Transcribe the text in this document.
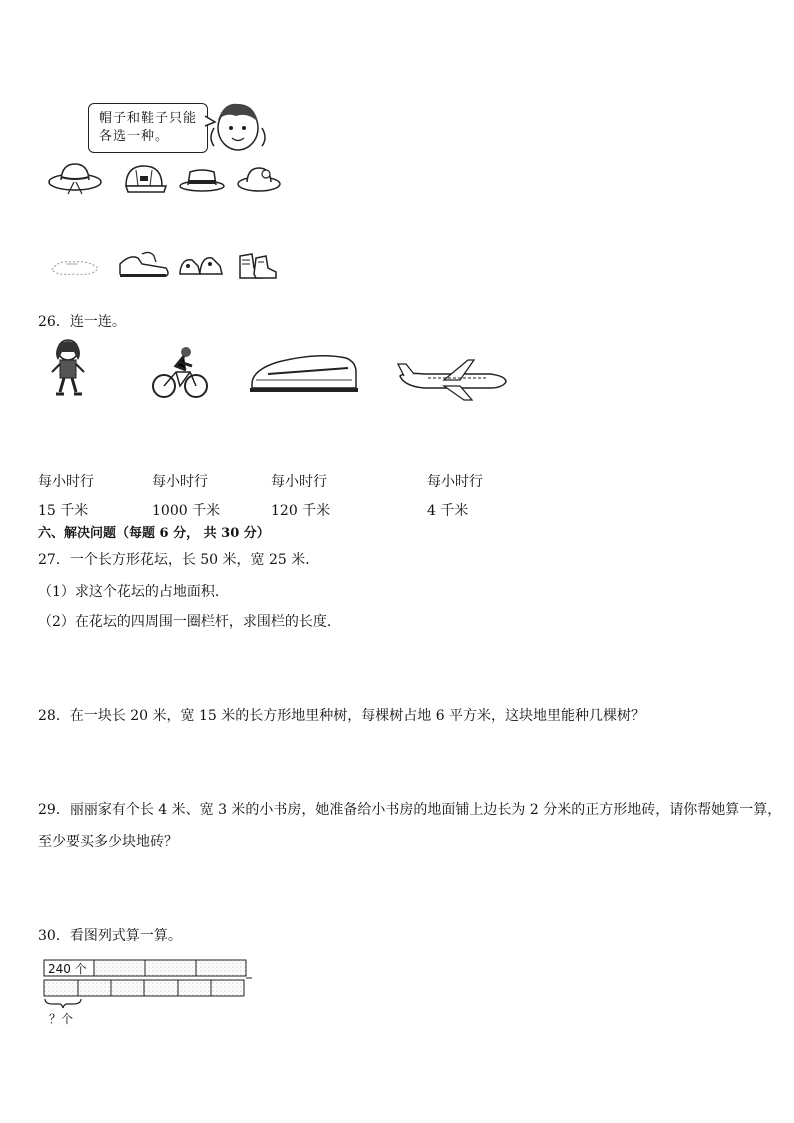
帽子和鞋子只能各选一种。
26．连一连。
每小时行	每小时行	每小时行	每小时行
15 千米	1000 千米	120 千米	4 千米
六、解决问题（每题 6 分， 共 30 分）
27．一个长方形花坛，长 50 米，宽 25 米．
（1）求这个花坛的占地面积．
（2）在花坛的四周围一圈栏杆，求围栏的长度．
28．在一块长 20 米，宽 15 米的长方形地里种树，每棵树占地 6 平方米，这块地里能种几棵树？
29．丽丽家有个长 4 米、宽 3 米的小书房，她准备给小书房的地面铺上边长为 2 分米的正方形地砖，请你帮她算一算，
至少要买多少块地砖？
30．看图列式算一算。
240 个
？个
